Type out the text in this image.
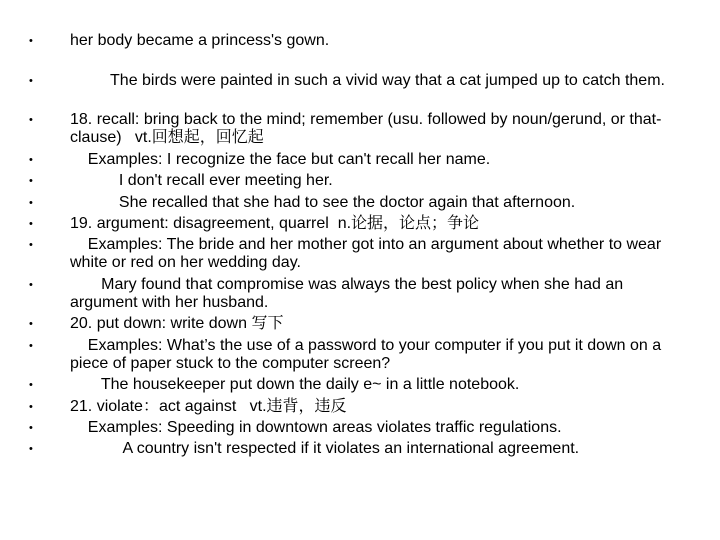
•	her body became a princess's gown.
•	The birds were painted in such a vivid way that a cat jumped up to catch them.
•	18. recall: bring back to the mind; remember (usu. followed by noun/gerund, or that-clause)   vt.回想起，回忆起
•	Examples: I recognize the face but can't recall her name.
•	I don't recall ever meeting her.
•	She recalled that she had to see the doctor again that afternoon.
•	19. argument: disagreement, quarrel  n.论据，论点；争论
•	Examples: The bride and her mother got into an argument about whether to wear white or red on her wedding day.
•	Mary found that compromise was always the best policy when she had an argument with her husband.
•	20. put down: write down 写下
•	Examples: What’s the use of a password to your computer if you put it down on a piece of paper stuck to the computer screen?
•	The housekeeper put down the daily e~ in a little notebook.
•	21. violate：act against   vt.违背，违反
•	Examples: Speeding in downtown areas violates traffic regulations.
•	A country isn't respected if it violates an international agreement.
